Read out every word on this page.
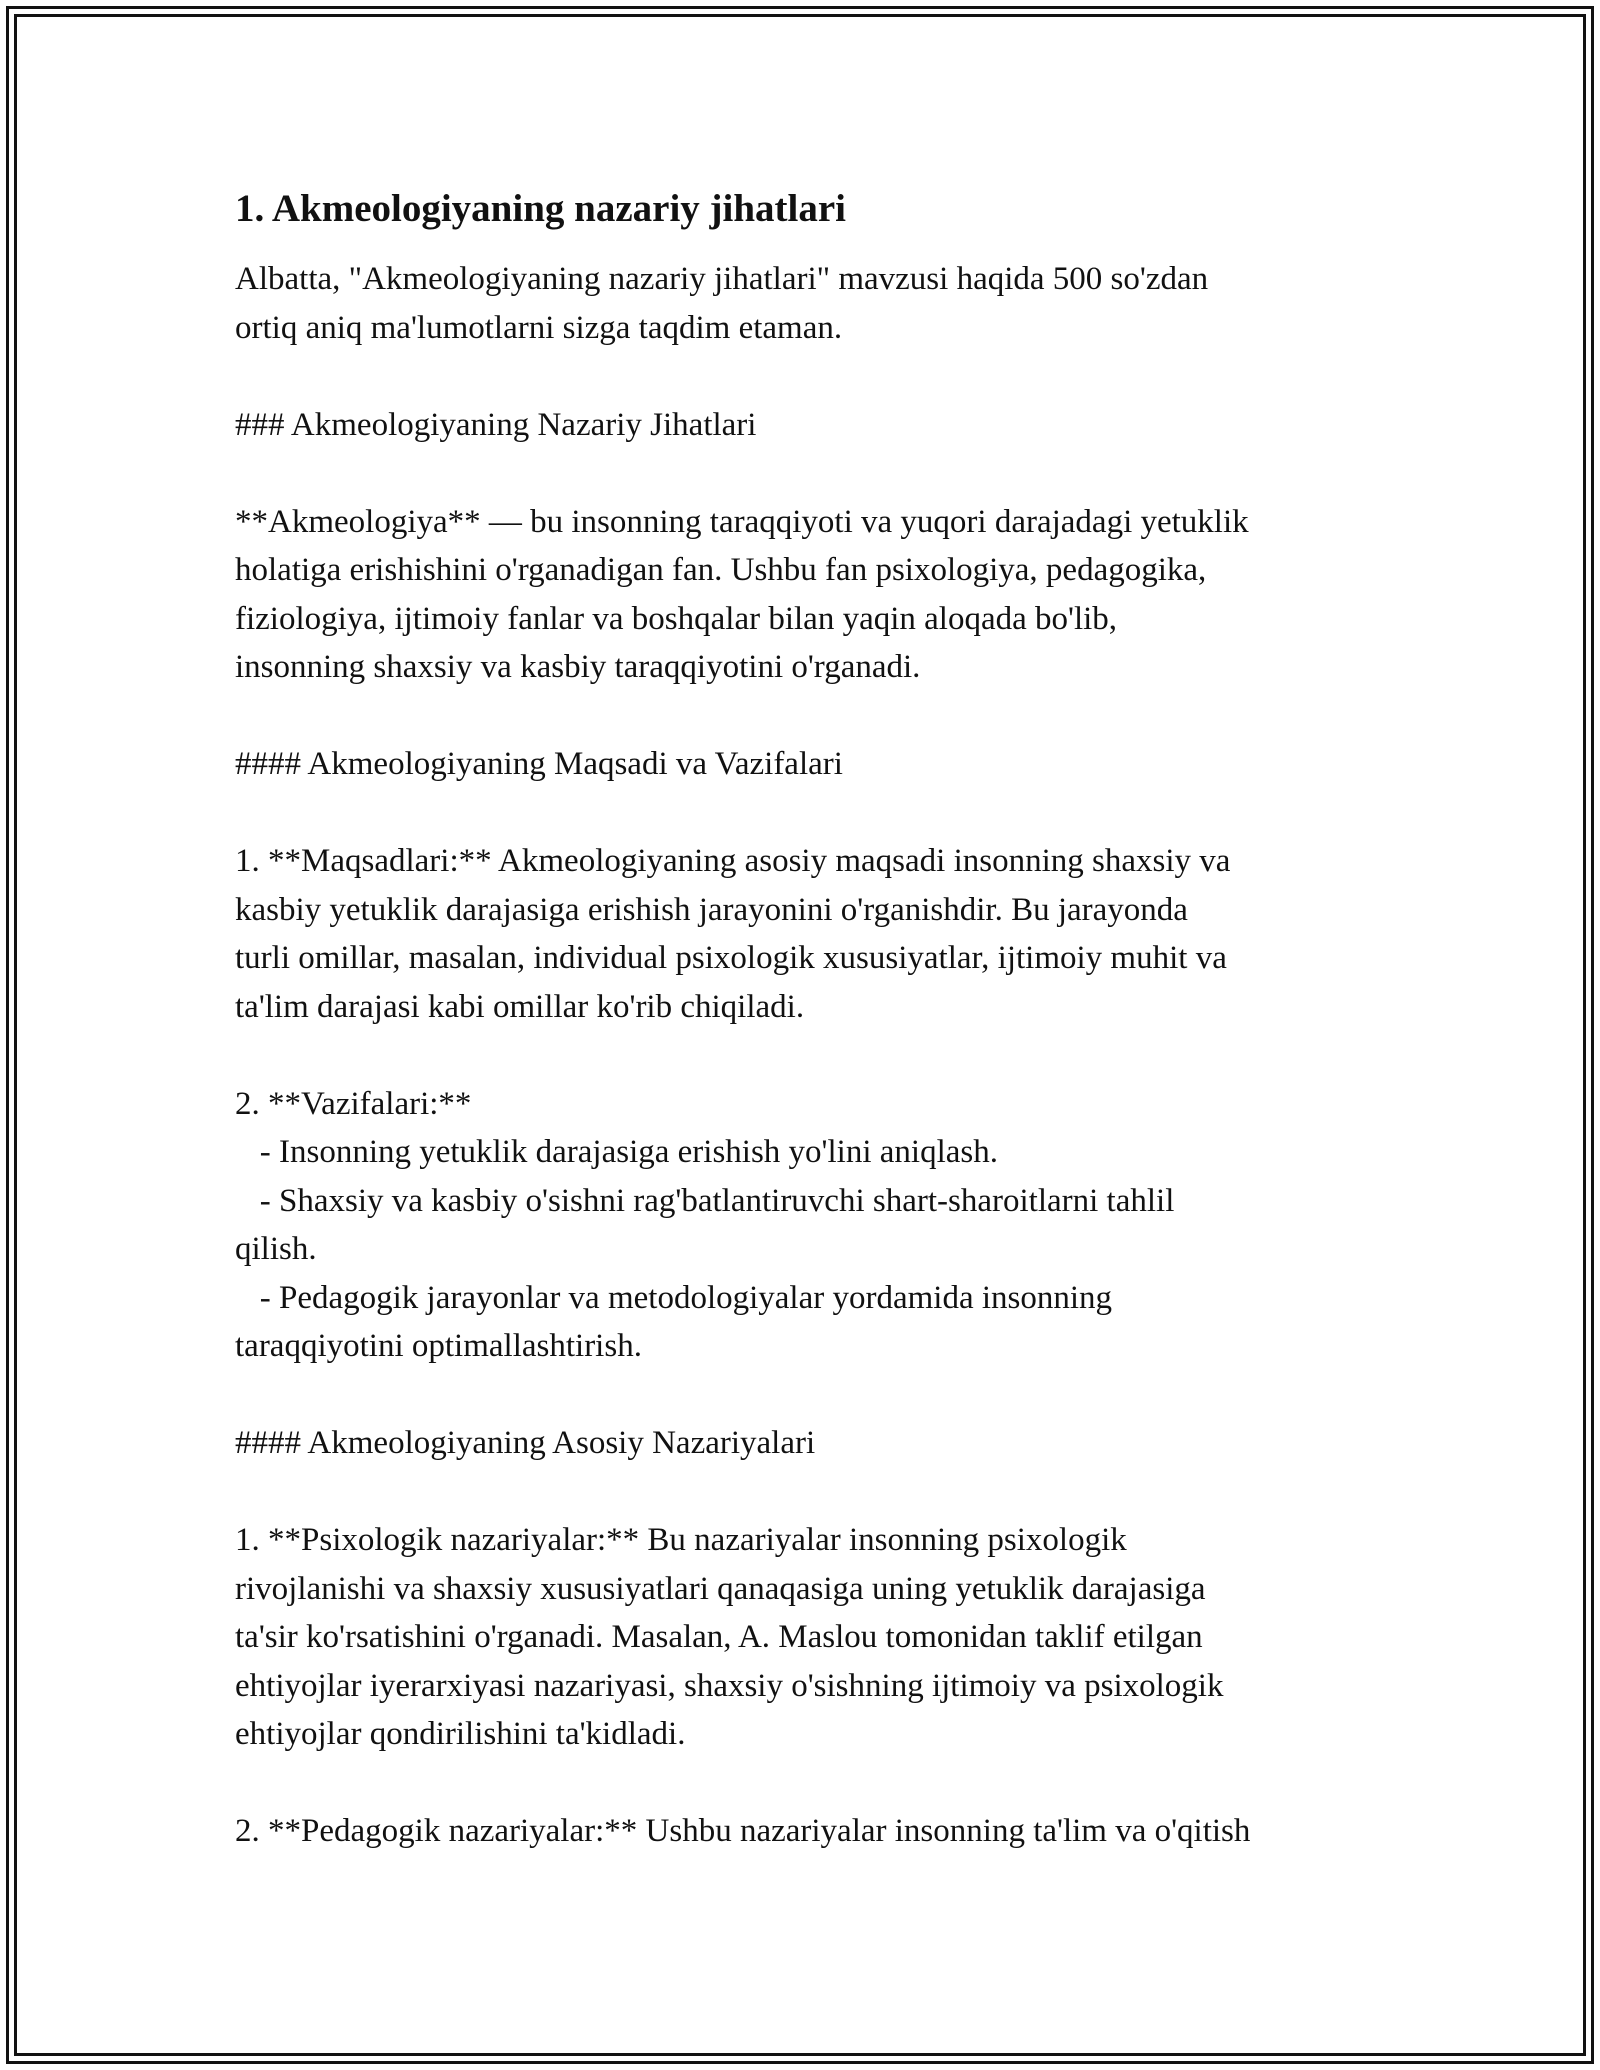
1. Akmeologiyaning nazariy jihatlari
Albatta, "Akmeologiyaning nazariy jihatlari" mavzusi haqida 500 so'zdan
ortiq aniq ma'lumotlarni sizga taqdim etaman.
### Akmeologiyaning Nazariy Jihatlari
**Akmeologiya** — bu insonning taraqqiyoti va yuqori darajadagi yetuklik
holatiga erishishini o'rganadigan fan. Ushbu fan psixologiya, pedagogika,
fiziologiya, ijtimoiy fanlar va boshqalar bilan yaqin aloqada bo'lib,
insonning shaxsiy va kasbiy taraqqiyotini o'rganadi.
#### Akmeologiyaning Maqsadi va Vazifalari
1. **Maqsadlari:** Akmeologiyaning asosiy maqsadi insonning shaxsiy va
kasbiy yetuklik darajasiga erishish jarayonini o'rganishdir. Bu jarayonda
turli omillar, masalan, individual psixologik xususiyatlar, ijtimoiy muhit va
ta'lim darajasi kabi omillar ko'rib chiqiladi.
2. **Vazifalari:**
- Insonning yetuklik darajasiga erishish yo'lini aniqlash.
- Shaxsiy va kasbiy o'sishni rag'batlantiruvchi shart-sharoitlarni tahlil
qilish.
- Pedagogik jarayonlar va metodologiyalar yordamida insonning
taraqqiyotini optimallashtirish.
#### Akmeologiyaning Asosiy Nazariyalari
1. **Psixologik nazariyalar:** Bu nazariyalar insonning psixologik
rivojlanishi va shaxsiy xususiyatlari qanaqasiga uning yetuklik darajasiga
ta'sir ko'rsatishini o'rganadi. Masalan, A. Maslou tomonidan taklif etilgan
ehtiyojlar iyerarxiyasi nazariyasi, shaxsiy o'sishning ijtimoiy va psixologik
ehtiyojlar qondirilishini ta'kidladi.
2. **Pedagogik nazariyalar:** Ushbu nazariyalar insonning ta'lim va o'qitish
